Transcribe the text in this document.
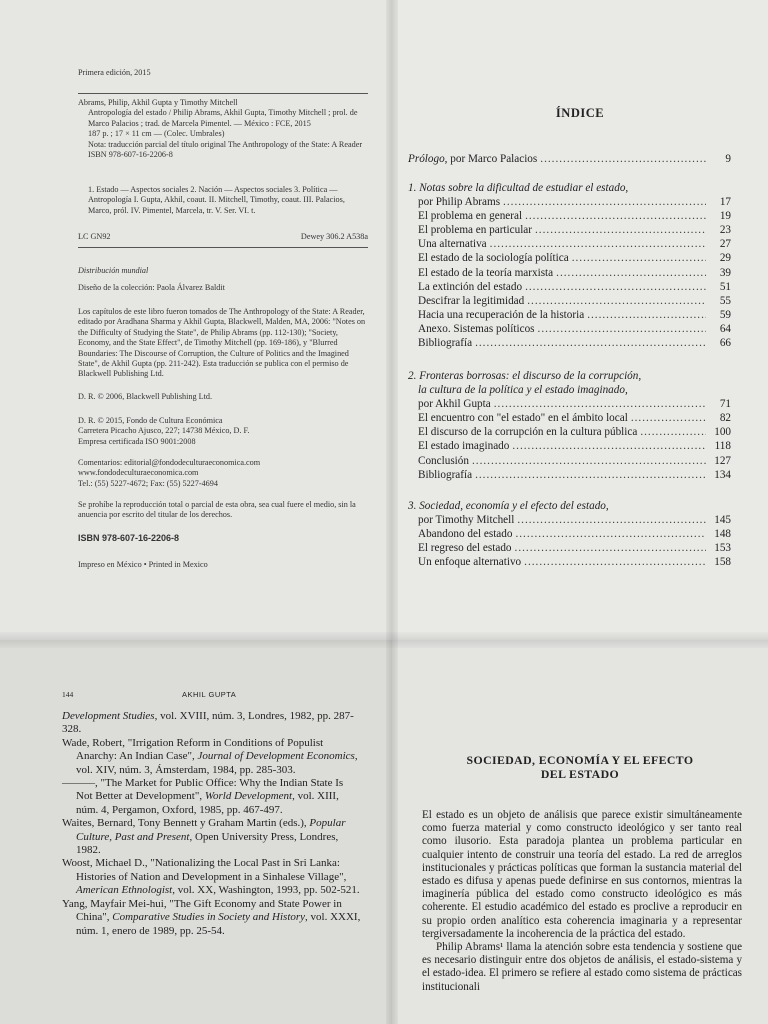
Primera edición, 2015

Abrams, Philip, Akhil Gupta y Timothy Mitchell

Antropología del estado / Philip Abrams, Akhil Gupta, Timothy Mitchell ; prol. de Marco Palacios ; trad. de Marcela Pimentel. — México : FCE, 2015

187 p. ; 17 × 11 cm — (Colec. Umbrales)

Nota: traducción parcial del título original The Anthropology of the State: A Reader

ISBN 978-607-16-2206-8

1. Estado — Aspectos sociales 2. Nación — Aspectos sociales 3. Política — Antropología I. Gupta, Akhil, coaut. II. Mitchell, Timothy, coaut. III. Palacios, Marco, pról. IV. Pimentel, Marcela, tr. V. Ser. VI. t.

LC GN92	Dewey 306.2 A538a

Distribución mundial

Diseño de la colección: Paola Álvarez Baldit

Los capítulos de este libro fueron tomados de The Anthropology of the State: A Reader, editado por Aradhana Sharma y Akhil Gupta, Blackwell, Malden, MA, 2006: "Notes on the Difficulty of Studying the State", de Philip Abrams (pp. 112-130); "Society, Economy, and the State Effect", de Timothy Mitchell (pp. 169-186), y "Blurred Boundaries: The Discourse of Corruption, the Culture of Politics and the Imagined State", de Akhil Gupta (pp. 211-242). Esta traducción se publica con el permiso de Blackwell Publishing Ltd.

D. R. © 2006, Blackwell Publishing Ltd.

D. R. © 2015, Fondo de Cultura Económica

Carretera Picacho Ajusco, 227; 14738 México, D. F.

Empresa certificada ISO 9001:2008

Comentarios: editorial@fondodeculturaeconomica.com

www.fondodeculturaeconomica.com

Tel.: (55) 5227-4672; Fax: (55) 5227-4694

Se prohíbe la reproducción total o parcial de esta obra, sea cual fuere el medio, sin la anuencia por escrito del titular de los derechos.

ISBN 978-607-16-2206-8

Impreso en México • Printed in Mexico

ÍNDICE
Prólogo, por Marco Palacios .....	9
1. Notas sobre la dificultad de estudiar el estado,
por Philip Abrams .....	17
El problema en general .....	19
El problema en particular .....	23
Una alternativa .....	27
El estado de la sociología política .....	29
El estado de la teoría marxista .....	39
La extinción del estado .....	51
Descifrar la legitimidad .....	55
Hacia una recuperación de la historia .....	59
Anexo. Sistemas políticos .....	64
Bibliografía .....	66
2. Fronteras borrosas: el discurso de la corrupción,
la cultura de la política y el estado imaginado,
por Akhil Gupta .....	71
El encuentro con "el estado" en el ámbito local .....	82
El discurso de la corrupción en la cultura pública .....	100
El estado imaginado .....	118
Conclusión .....	127
Bibliografía .....	134
3. Sociedad, economía y el efecto del estado,
por Timothy Mitchell .....	145
Abandono del estado .....	148
El regreso del estado .....	153
Un enfoque alternativo .....	158
144	AKHIL GUPTA
Development Studies, vol. XVIII, núm. 3, Londres, 1982, pp. 287-328.
Wade, Robert, "Irrigation Reform in Conditions of Populist Anarchy: An Indian Case", Journal of Development Economics, vol. XIV, núm. 3, Ámsterdam, 1984, pp. 285-303.
———, "The Market for Public Office: Why the Indian State Is Not Better at Development", World Development, vol. XIII, núm. 4, Pergamon, Oxford, 1985, pp. 467-497.
Waites, Bernard, Tony Bennett y Graham Martin (eds.), Popular Culture, Past and Present, Open University Press, Londres, 1982.
Woost, Michael D., "Nationalizing the Local Past in Sri Lanka: Histories of Nation and Development in a Sinhalese Village", American Ethnologist, vol. XX, Washington, 1993, pp. 502-521.
Yang, Mayfair Mei-hui, "The Gift Economy and State Power in China", Comparative Studies in Society and History, vol. XXXI, núm. 1, enero de 1989, pp. 25-54.
SOCIEDAD, ECONOMÍA Y EL EFECTO
DEL ESTADO

El estado es un objeto de análisis que parece existir simultáneamente como fuerza material y como constructo ideológico y ser tanto real como ilusorio. Esta paradoja plantea un problema particular en cualquier intento de construir una teoría del estado. La red de arreglos institucionales y prácticas políticas que forman la sustancia material del estado es difusa y apenas puede definirse en sus contornos, mientras la imaginería pública del estado como constructo ideológico es más coherente. El estudio académico del estado es proclive a reproducir en su propio orden analítico esta coherencia imaginaria y a representar tergiversadamente la incoherencia de la práctica del estado.

Philip Abrams¹ llama la atención sobre esta tendencia y sostiene que es necesario distinguir entre dos objetos de análisis, el estado-sistema y el estado-idea. El primero se refiere al estado como sistema de prácticas institucionali
